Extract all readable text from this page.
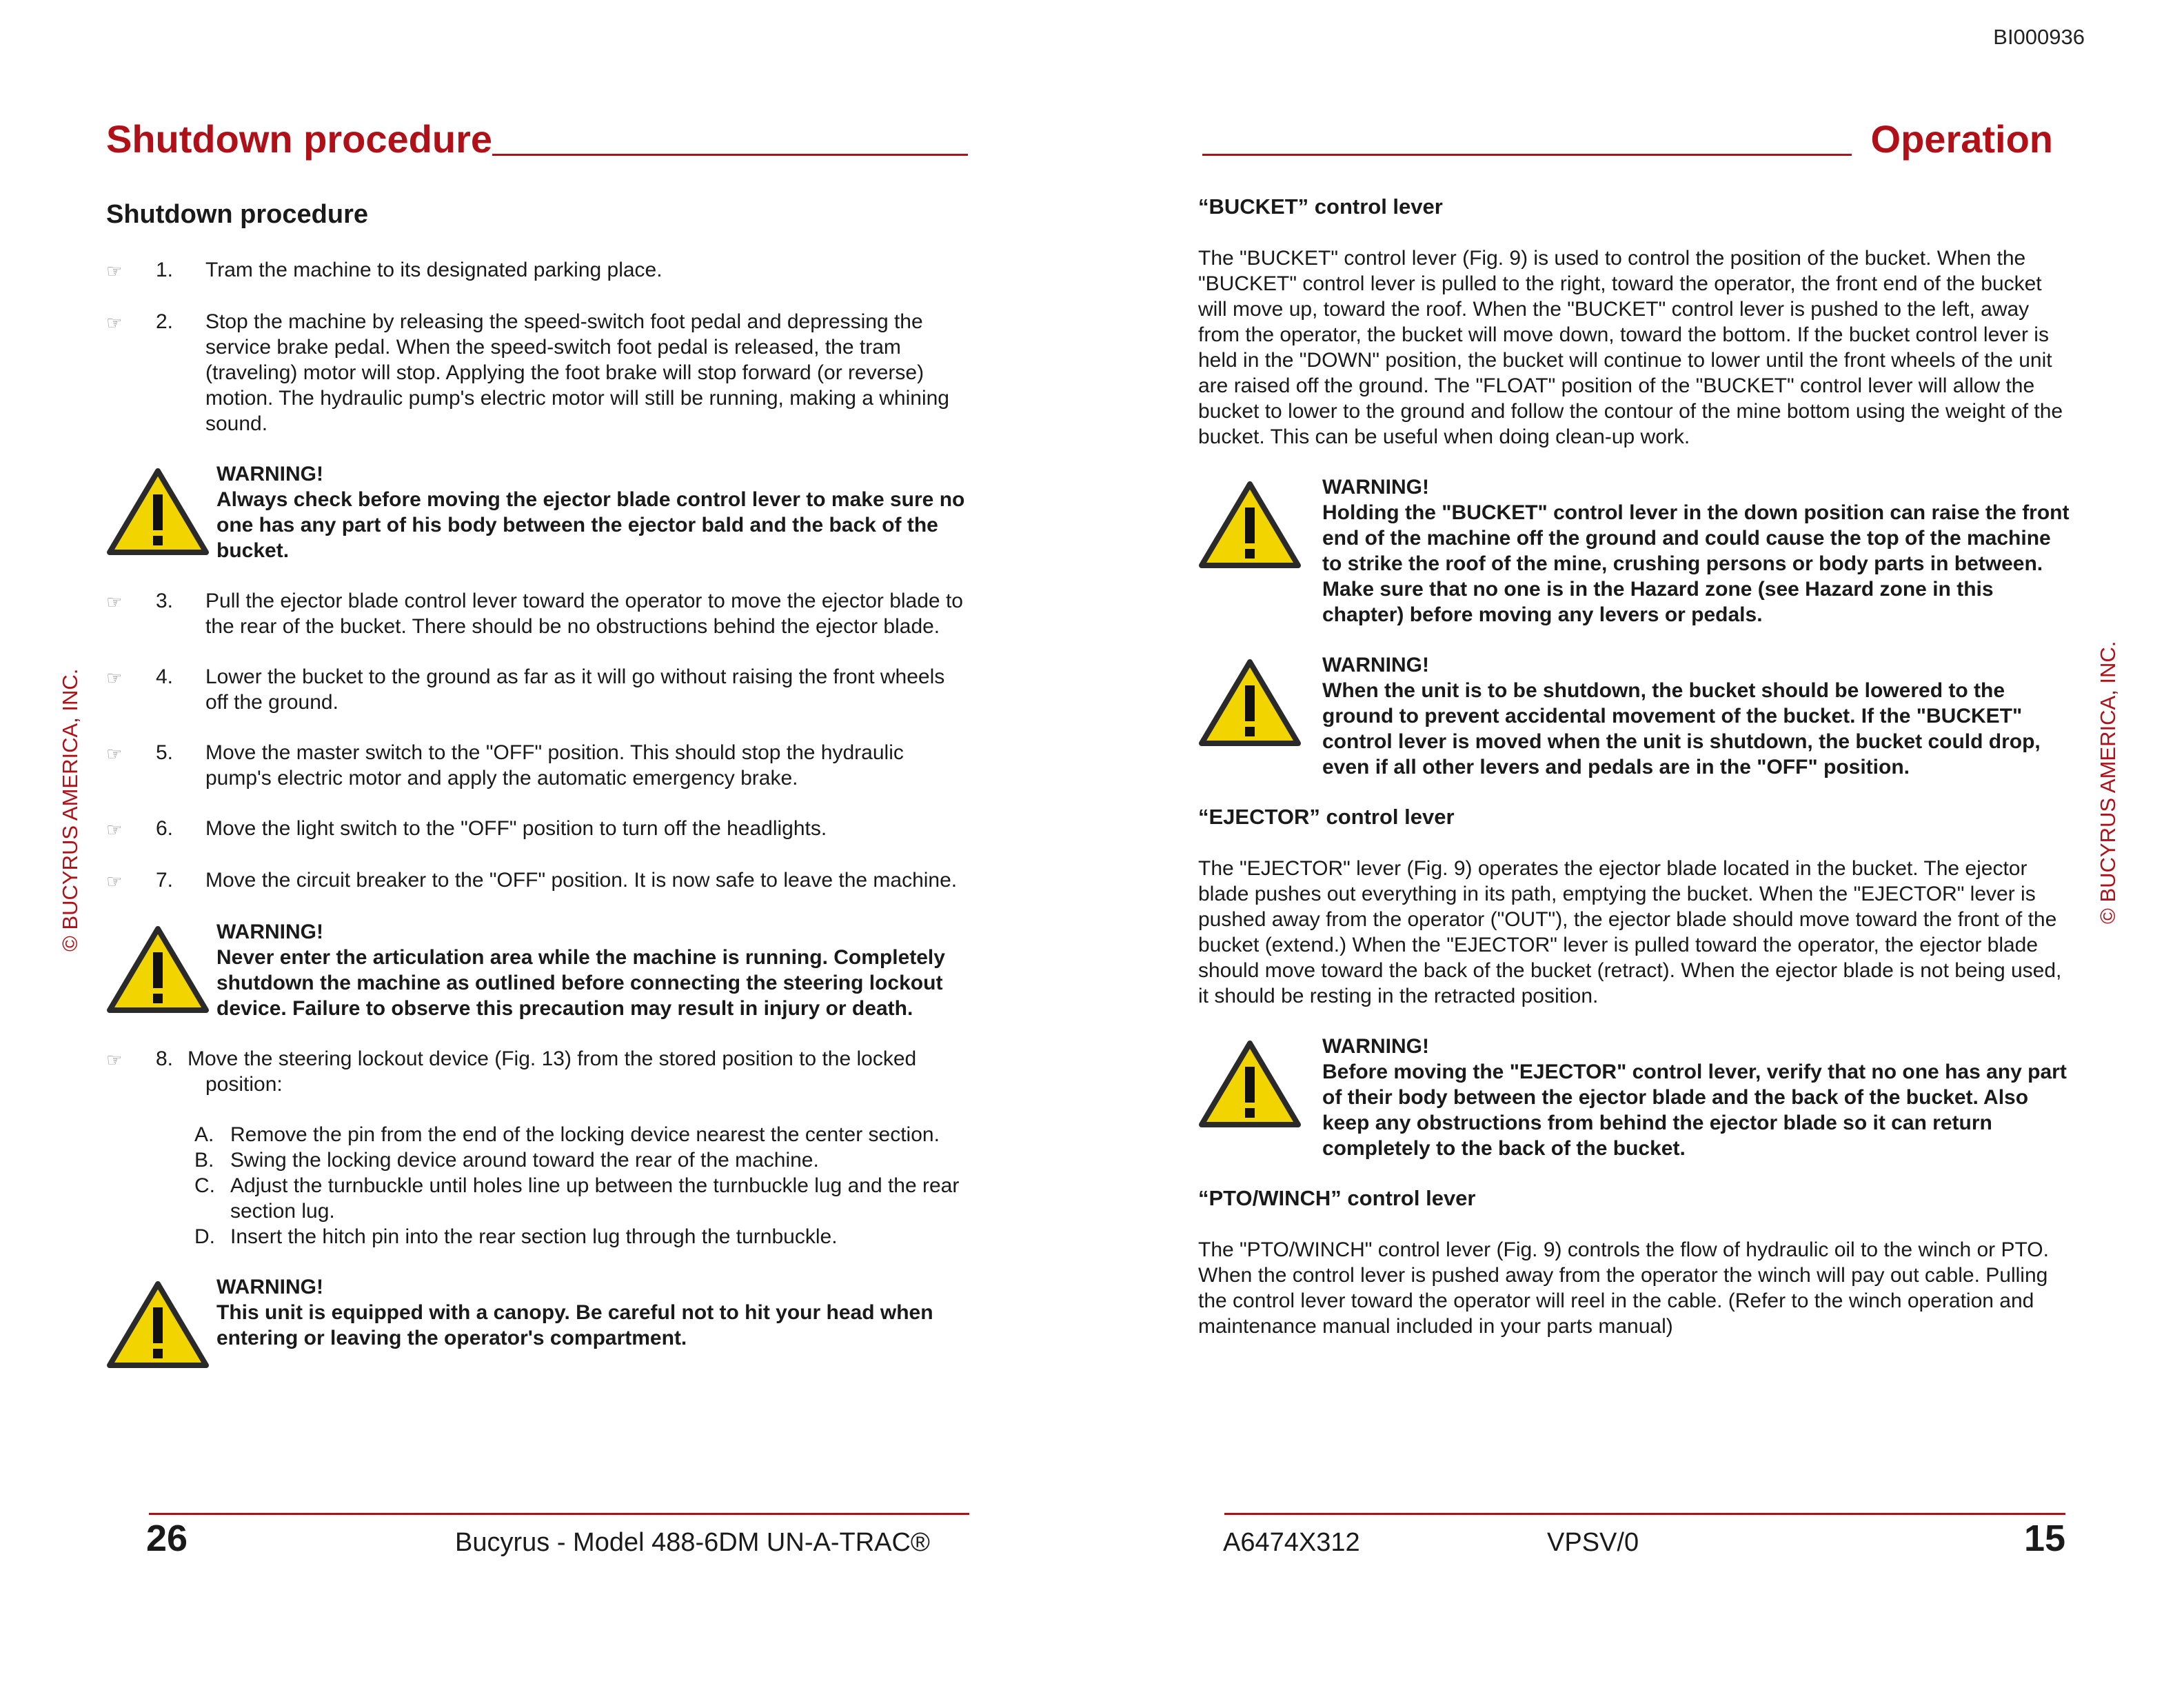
BI000936
Shutdown procedure
© BUCYRUS AMERICA, INC.
Shutdown procedure
☞	1.	Tram the machine to its designated parking place.
☞	2. Stop the machine by releasing the speed-switch foot pedal and depressing the service brake pedal. When the speed-switch foot pedal is released, the tram (traveling) motor will stop. Applying the foot brake will stop forward (or reverse) motion. The hydraulic pump's electric motor will still be running, making a whining sound.
WARNING!
Always check before moving the ejector blade control lever to make sure no one has any part of his body between the ejector bald and the back of the bucket.
☞	3.	Pull the ejector blade control lever toward the operator to move the ejector blade to the rear of the bucket. There should be no obstructions behind the ejector blade.
☞	4.	Lower the bucket to the ground as far as it will go without raising the front wheels off the ground.
☞	5.	Move the master switch to the "OFF" position. This should stop the hydraulic pump's electric motor and apply the automatic emergency brake.
☞	6.	Move the light switch to the "OFF" position to turn off the headlights.
☞	7.	Move the circuit breaker to the "OFF" position. It is now safe to leave the machine.
WARNING!
Never enter the articulation area while the machine is running. Completely shutdown the machine as outlined before connecting the steering lockout device. Failure to observe this precaution may result in injury or death.
☞	8. Move the steering lockout device (Fig. 13) from the stored position to the locked position:
A. Remove the pin from the end of the locking device nearest the center section.
B. Swing the locking device around toward the rear of the machine.
C. Adjust the turnbuckle until holes line up between the turnbuckle lug and the rear section lug.
D. Insert the hitch pin into the rear section lug through the turnbuckle.
WARNING!
This unit is equipped with a canopy. Be careful not to hit your head when entering or leaving the operator's compartment.
26	Bucyrus - Model 488-6DM UN-A-TRAC®
Operation
© BUCYRUS AMERICA, INC.
“BUCKET” control lever

The "BUCKET" control lever (Fig. 9) is used to control the position of the bucket. When the "BUCKET" control lever is pulled to the right, toward the operator, the front end of the bucket will move up, toward the roof. When the "BUCKET" control lever is pushed to the left, away from the operator, the bucket will move down, toward the bottom. If the bucket control lever is held in the "DOWN" position, the bucket will continue to lower until the front wheels of the unit are raised off the ground. The "FLOAT" position of the "BUCKET" control lever will allow the bucket to lower to the ground and follow the contour of the mine bottom using the weight of the bucket. This can be useful when doing clean-up work.

WARNING!
Holding the "BUCKET" control lever in the down position can raise the front end of the machine off the ground and could cause the top of the machine to strike the roof of the mine, crushing persons or body parts in between. Make sure that no one is in the Hazard zone (see Hazard zone in this chapter) before moving any levers or pedals.
WARNING!
When the unit is to be shutdown, the bucket should be lowered to the ground to prevent accidental movement of the bucket. If the "BUCKET" control lever is moved when the unit is shutdown, the bucket could drop, even if all other levers and pedals are in the "OFF" position.
“EJECTOR” control lever

The "EJECTOR" lever (Fig. 9) operates the ejector blade located in the bucket. The ejector blade pushes out everything in its path, emptying the bucket. When the "EJECTOR" lever is pushed away from the operator ("OUT"), the ejector blade should move toward the front of the bucket (extend.) When the "EJECTOR" lever is pulled toward the operator, the ejector blade should move toward the back of the bucket (retract). When the ejector blade is not being used, it should be resting in the retracted position.

WARNING!
Before moving the "EJECTOR" control lever, verify that no one has any part of their body between the ejector blade and the back of the bucket. Also keep any obstructions from behind the ejector blade so it can return completely to the back of the bucket.
“PTO/WINCH” control lever

The "PTO/WINCH" control lever (Fig. 9) controls the flow of hydraulic oil to the winch or PTO. When the control lever is pushed away from the operator the winch will pay out cable. Pulling the control lever toward the operator will reel in the cable. (Refer to the winch operation and maintenance manual included in your parts manual)

A6474X312	VPSV/0	15
